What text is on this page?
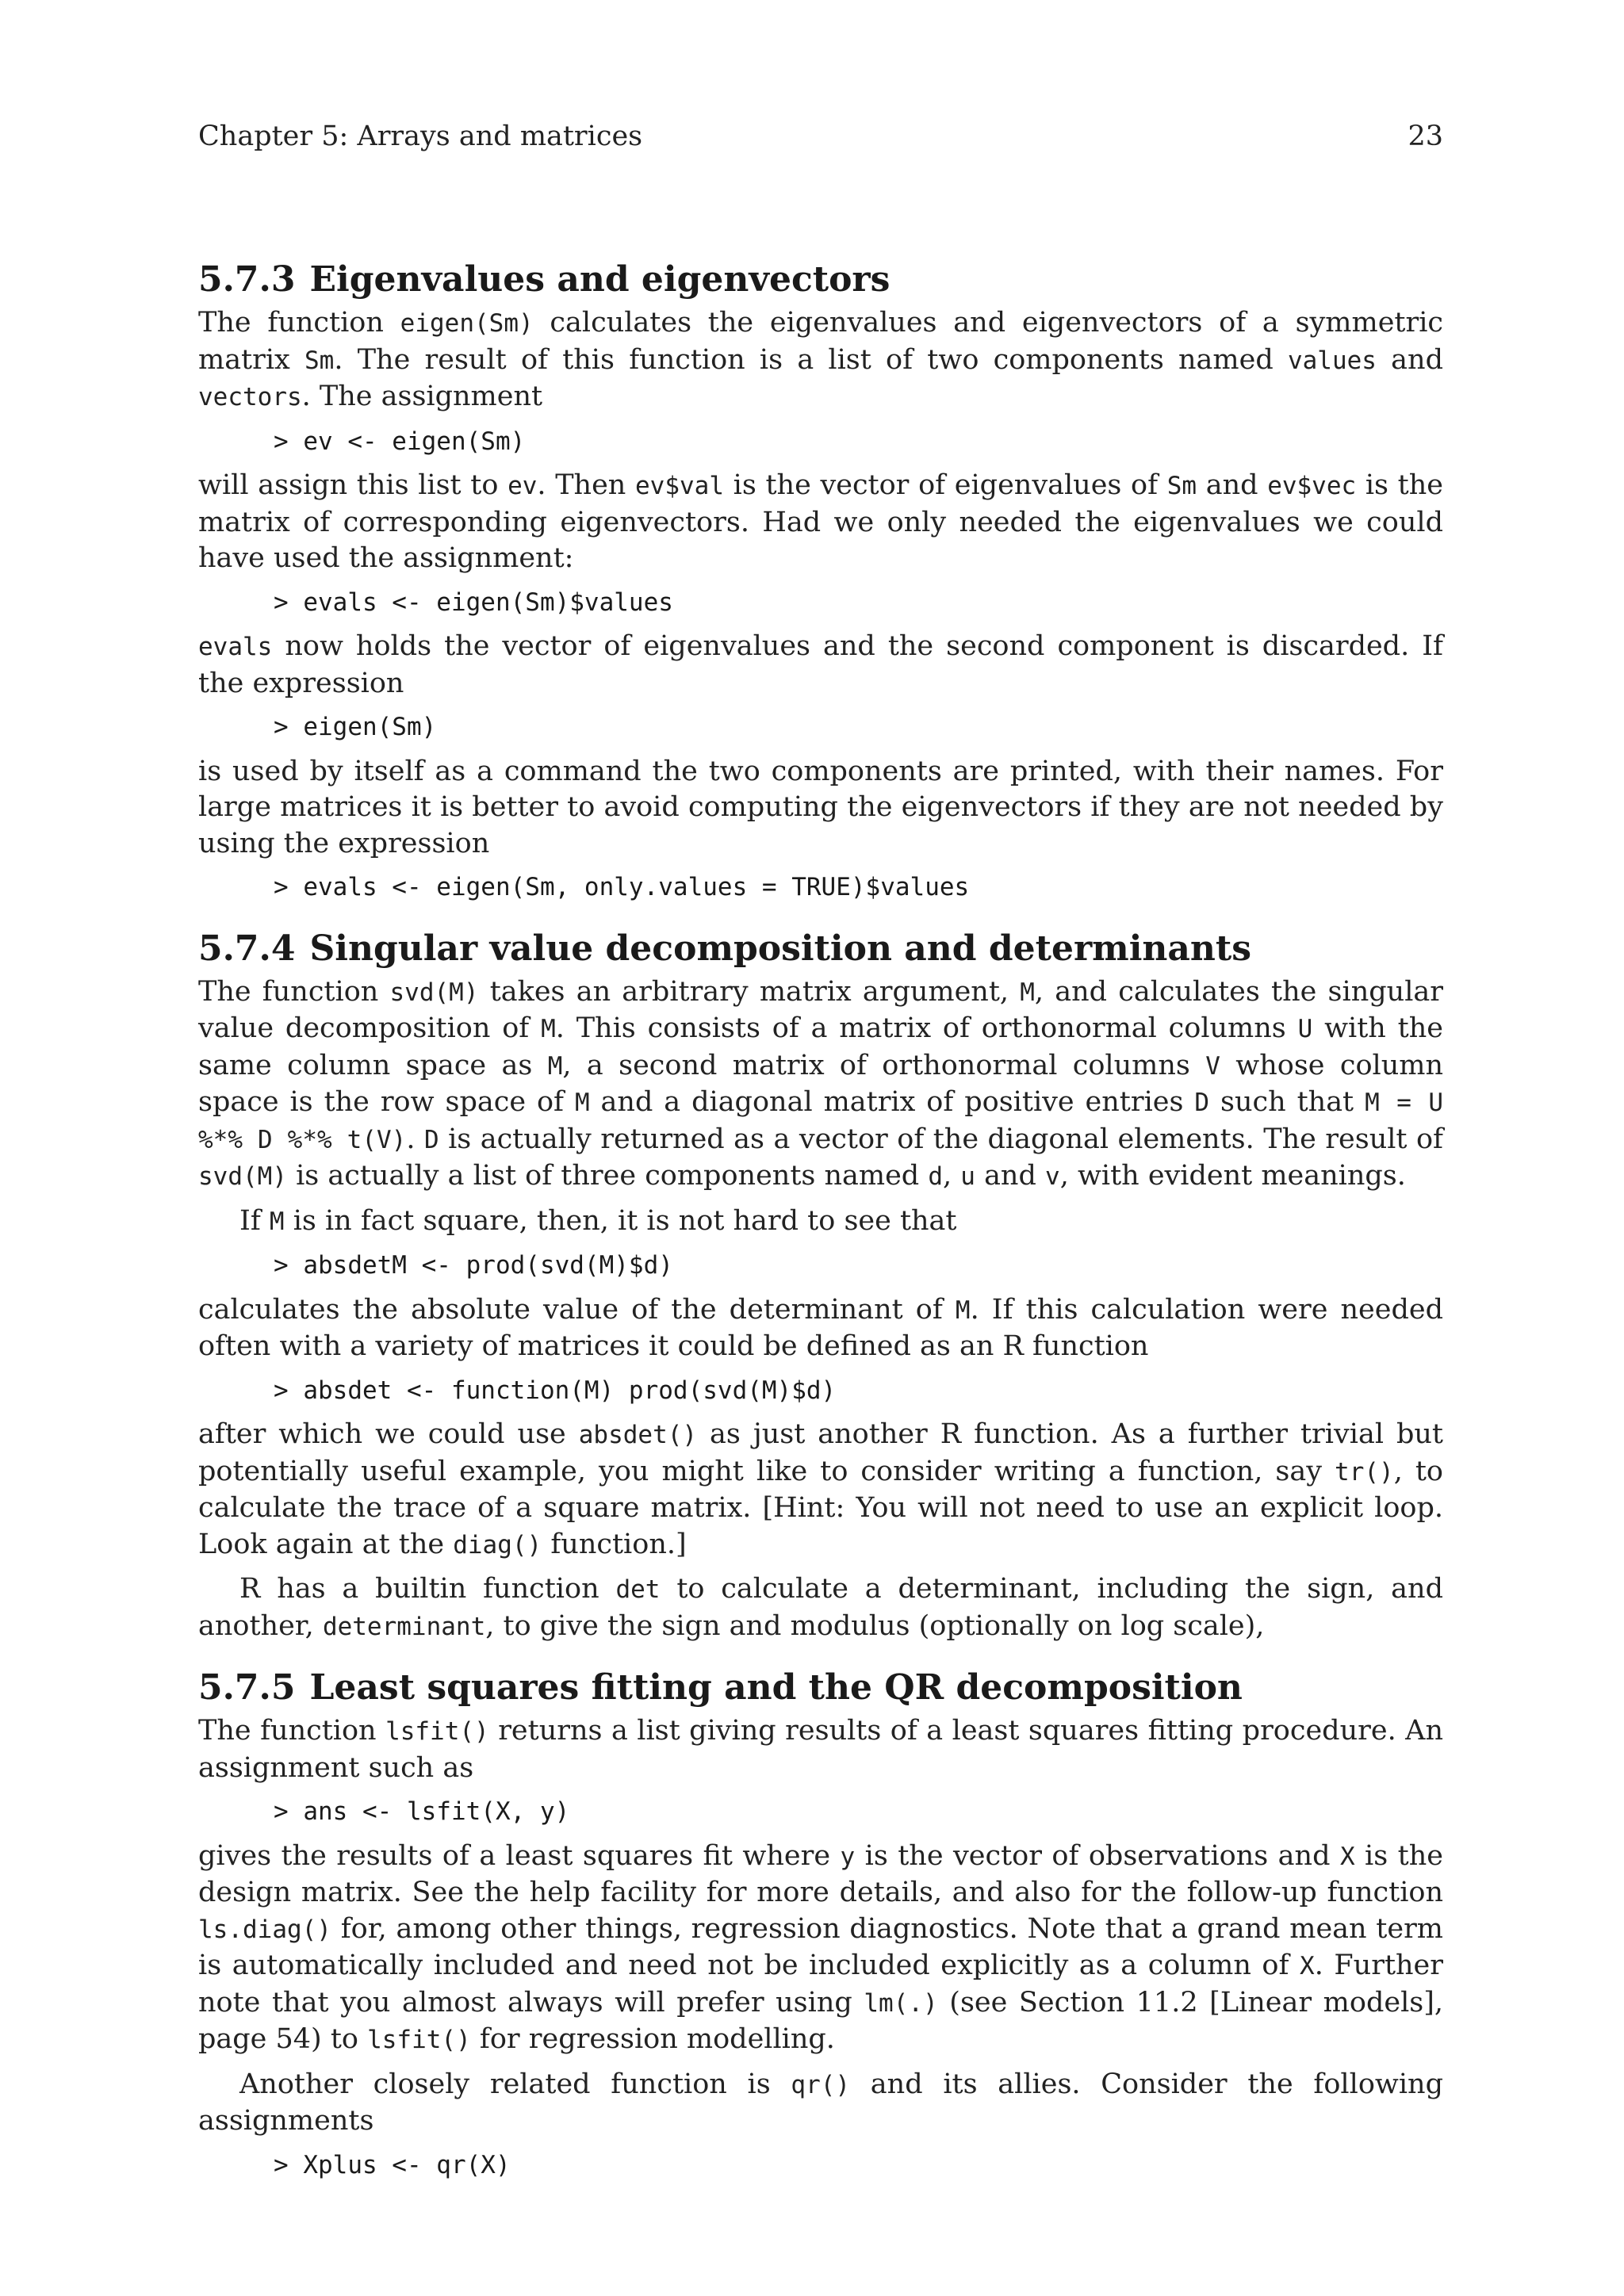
Chapter 5: Arrays and matrices	23
5.7.3 Eigenvalues and eigenvectors

The function eigen(Sm) calculates the eigenvalues and eigenvectors of a symmetric matrix Sm. The result of this function is a list of two components named values and vectors. The assignment

> ev <- eigen(Sm)

will assign this list to ev. Then ev$val is the vector of eigenvalues of Sm and ev$vec is the matrix of corresponding eigenvectors. Had we only needed the eigenvalues we could have used the assignment:

> evals <- eigen(Sm)$values

evals now holds the vector of eigenvalues and the second component is discarded. If the expression

> eigen(Sm)

is used by itself as a command the two components are printed, with their names. For large matrices it is better to avoid computing the eigenvectors if they are not needed by using the expression

> evals <- eigen(Sm, only.values = TRUE)$values
5.7.4 Singular value decomposition and determinants

The function svd(M) takes an arbitrary matrix argument, M, and calculates the singular value decomposition of M. This consists of a matrix of orthonormal columns U with the same column space as M, a second matrix of orthonormal columns V whose column space is the row space of M and a diagonal matrix of positive entries D such that M = U %*% D %*% t(V). D is actually returned as a vector of the diagonal elements. The result of svd(M) is actually a list of three components named d, u and v, with evident meanings.

If M is in fact square, then, it is not hard to see that

> absdetM <- prod(svd(M)$d)

calculates the absolute value of the determinant of M. If this calculation were needed often with a variety of matrices it could be defined as an R function

> absdet <- function(M) prod(svd(M)$d)

after which we could use absdet() as just another R function. As a further trivial but potentially useful example, you might like to consider writing a function, say tr(), to calculate the trace of a square matrix. [Hint: You will not need to use an explicit loop. Look again at the diag() function.]

R has a builtin function det to calculate a determinant, including the sign, and another, determinant, to give the sign and modulus (optionally on log scale),

5.7.5 Least squares fitting and the QR decomposition

The function lsfit() returns a list giving results of a least squares fitting procedure. An assignment such as

> ans <- lsfit(X, y)

gives the results of a least squares fit where y is the vector of observations and X is the design matrix. See the help facility for more details, and also for the follow-up function ls.diag() for, among other things, regression diagnostics. Note that a grand mean term is automatically included and need not be included explicitly as a column of X. Further note that you almost always will prefer using lm(.) (see Section 11.2 [Linear models], page 54) to lsfit() for regression modelling.

Another closely related function is qr() and its allies. Consider the following assignments

> Xplus <- qr(X)
